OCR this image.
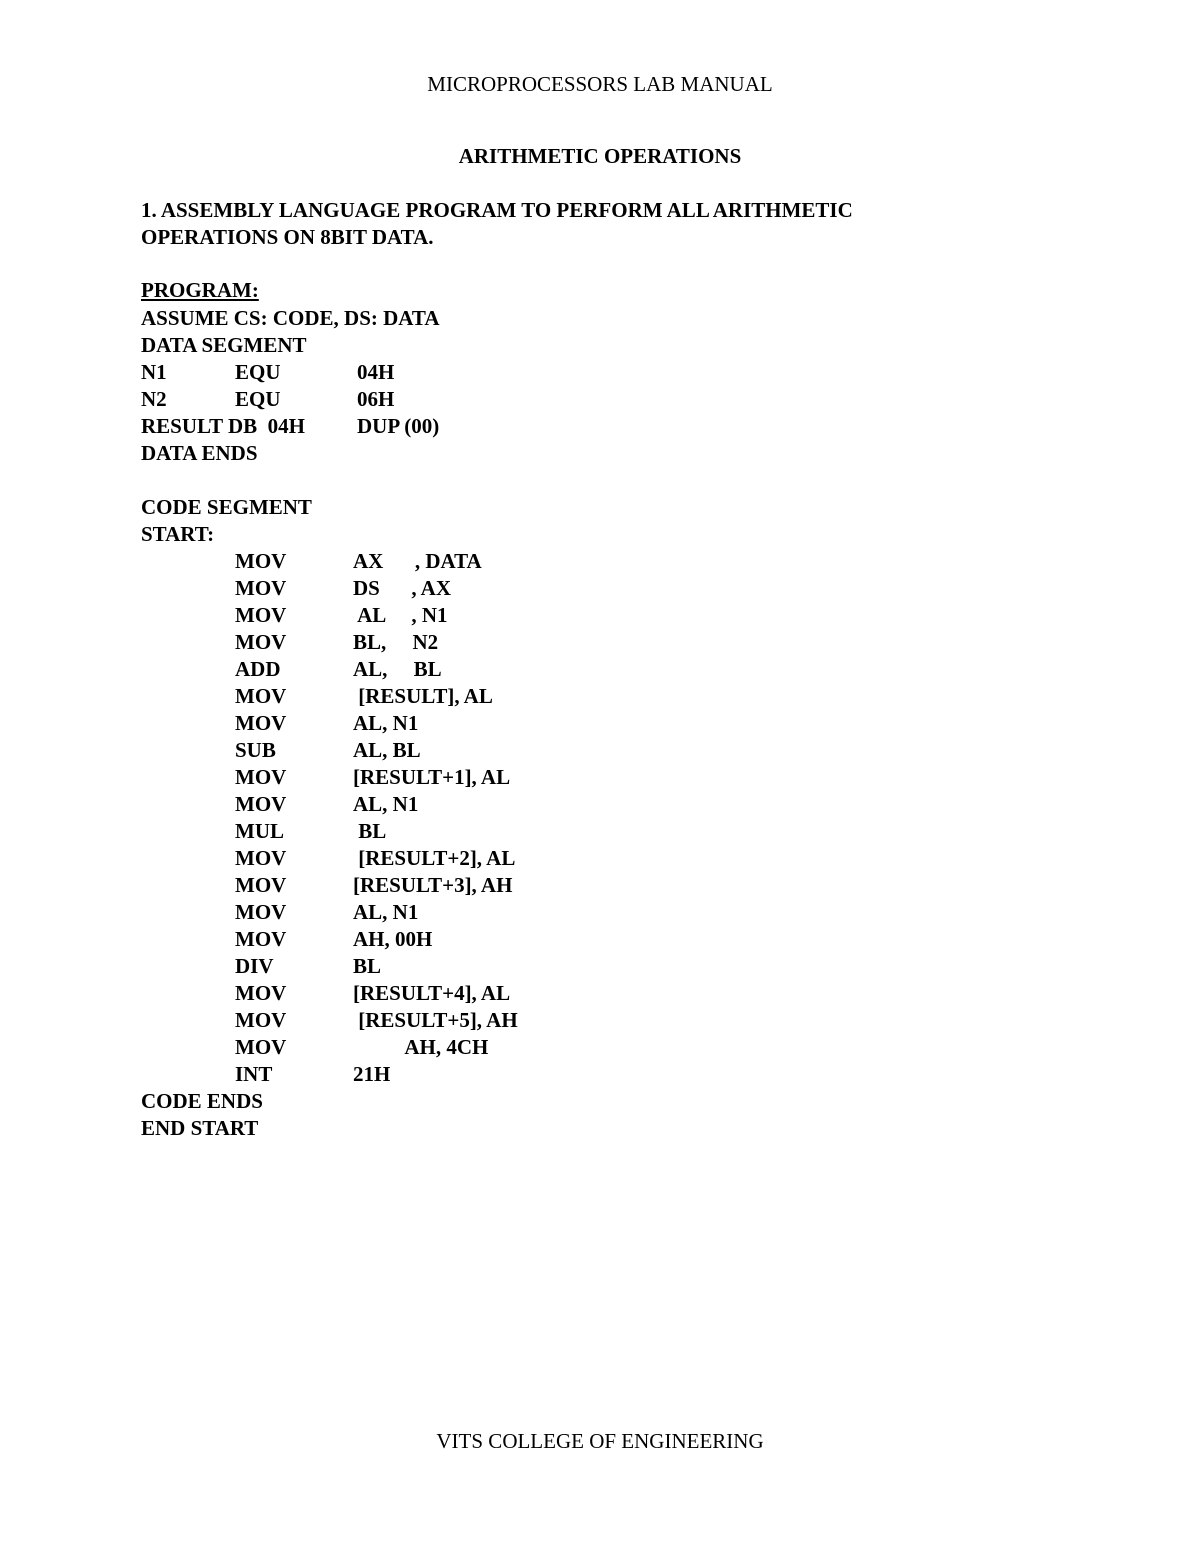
MICROPROCESSORS LAB MANUAL
ARITHMETIC OPERATIONS
1. ASSEMBLY LANGUAGE PROGRAM TO PERFORM ALL ARITHMETIC
OPERATIONS ON 8BIT DATA.
PROGRAM:
ASSUME CS: CODE, DS: DATA
DATA SEGMENT
N1	EQU	04H
N2	EQU	06H
RESULT DB  04H DUP (00)
DATA ENDS
CODE SEGMENT
START:
MOV	AX      , DATA
MOV	DS      , AX
MOV	AL     , N1
MOV	BL,     N2
ADD	AL,     BL
MOV	[RESULT], AL
MOV	AL, N1
SUB	AL, BL
MOV	[RESULT+1], AL
MOV	AL, N1
MUL	BL
MOV	[RESULT+2], AL
MOV	[RESULT+3], AH
MOV	AL, N1
MOV	AH, 00H
DIV	BL
MOV	[RESULT+4], AL
MOV	[RESULT+5], AH
MOV	AH, 4CH
INT	21H
CODE ENDS
END START
VITS COLLEGE OF ENGINEERING
